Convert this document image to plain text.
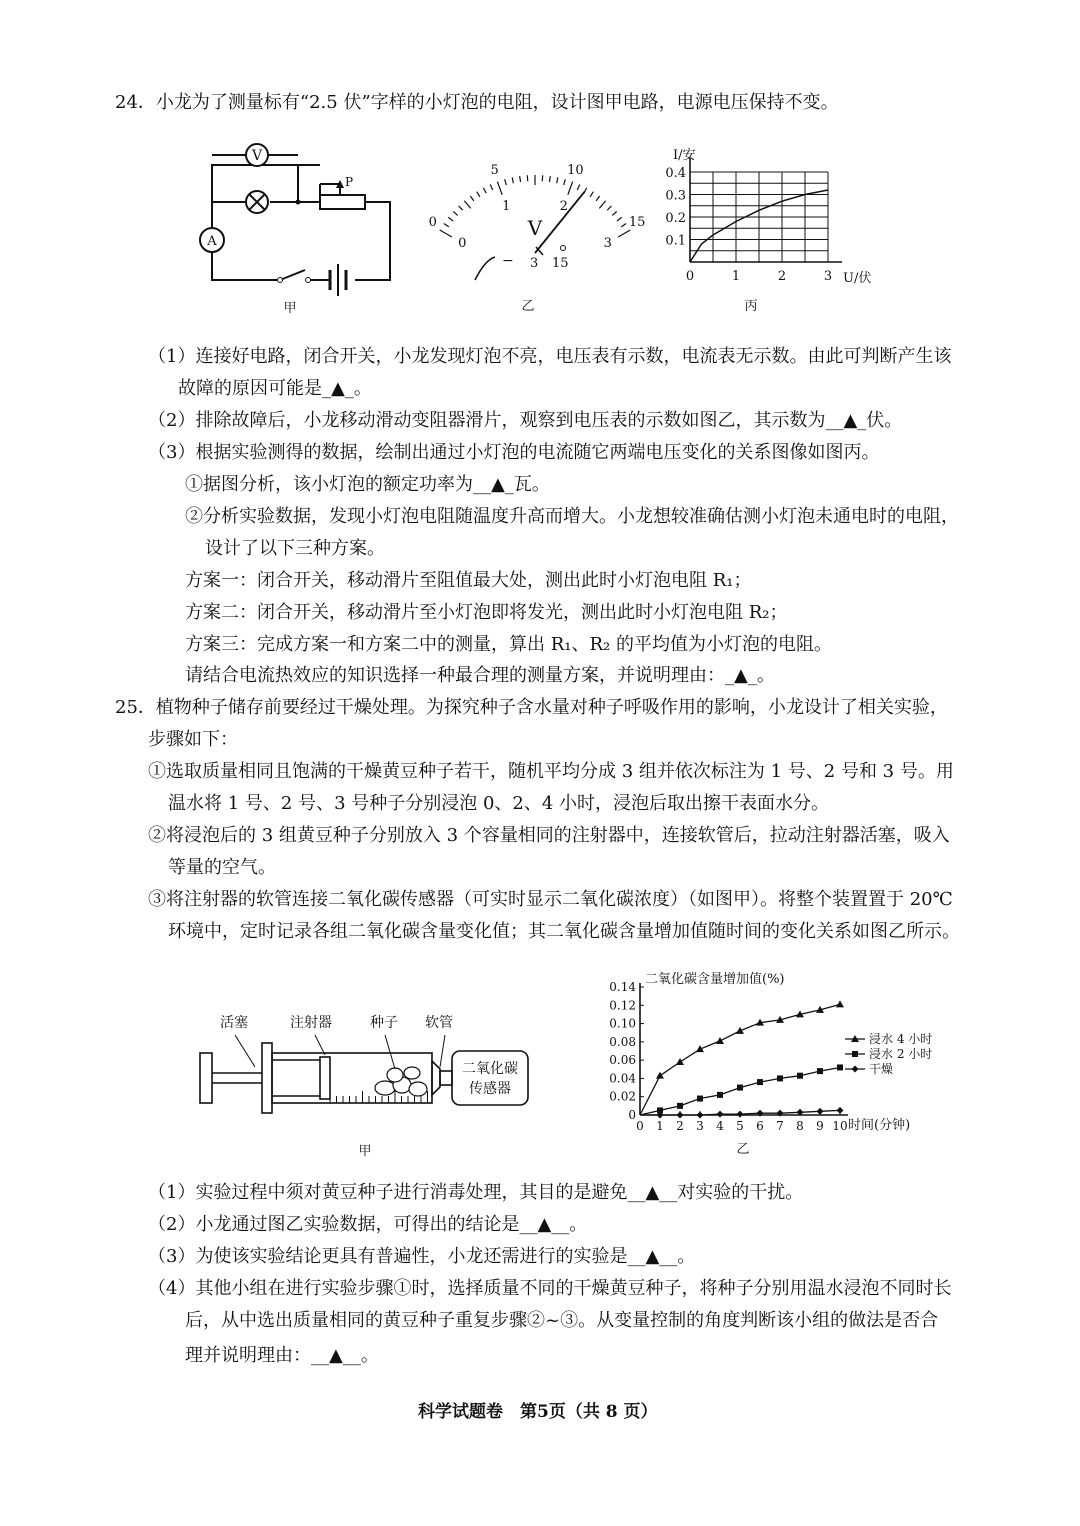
24．小龙为了测量标有“2.5 伏”字样的小灯泡的电阻，设计图甲电路，电源电压保持不变。
V
A
P
甲
0
5	10
15
0
1	2
3
V
− 3 15
乙
I/安
U/伏
0	1	2	3
0.1
0.2
0.3
0.4
丙
（1）连接好电路，闭合开关，小龙发现灯泡不亮，电压表有示数，电流表无示数。由此可判断产生该
故障的原因可能是_▲_。
（2）排除故障后，小龙移动滑动变阻器滑片，观察到电压表的示数如图乙，其示数为__▲_伏。
（3）根据实验测得的数据，绘制出通过小灯泡的电流随它两端电压变化的关系图像如图丙。
①据图分析，该小灯泡的额定功率为__▲_瓦。
②分析实验数据，发现小灯泡电阻随温度升高而增大。小龙想较准确估测小灯泡未通电时的电阻，
设计了以下三种方案。
方案一：闭合开关，移动滑片至阻值最大处，测出此时小灯泡电阻 R₁；
方案二：闭合开关，移动滑片至小灯泡即将发光，测出此时小灯泡电阻 R₂；
方案三：完成方案一和方案二中的测量，算出 R₁、R₂ 的平均值为小灯泡的电阻。
请结合电流热效应的知识选择一种最合理的测量方案，并说明理由：_▲_。
25．植物种子储存前要经过干燥处理。为探究种子含水量对种子呼吸作用的影响，小龙设计了相关实验，
步骤如下：
①选取质量相同且饱满的干燥黄豆种子若干，随机平均分成 3 组并依次标注为 1 号、2 号和 3 号。用
温水将 1 号、2 号、3 号种子分别浸泡 0、2、4 小时，浸泡后取出擦干表面水分。
②将浸泡后的 3 组黄豆种子分别放入 3 个容量相同的注射器中，连接软管后，拉动注射器活塞，吸入
等量的空气。
③将注射器的软管连接二氧化碳传感器（可实时显示二氧化碳浓度）（如图甲）。将整个装置置于 20℃
环境中，定时记录各组二氧化碳含量变化值；其二氧化碳含量增加值随时间的变化关系如图乙所示。
活塞	注射器	种子 软管
二氧化碳
传感器
甲
二氧化碳含量增加值(%)
时间(分钟)
0 1 2 3 4 5 6 7 8 9 10
0
0.02
0.04
0.06
0.08
0.10
0.12
0.14
浸水 4 小时
浸水 2 小时
干燥
乙
（1）实验过程中须对黄豆种子进行消毒处理，其目的是避免__▲__对实验的干扰。
（2）小龙通过图乙实验数据，可得出的结论是__▲__。
（3）为使该实验结论更具有普遍性，小龙还需进行的实验是__▲__。
（4）其他小组在进行实验步骤①时，选择质量不同的干燥黄豆种子，将种子分别用温水浸泡不同时长
后，从中选出质量相同的黄豆种子重复步骤②~③。从变量控制的角度判断该小组的做法是否合
理并说明理由：__▲__。
科学试题卷　第5页（共 8 页）
